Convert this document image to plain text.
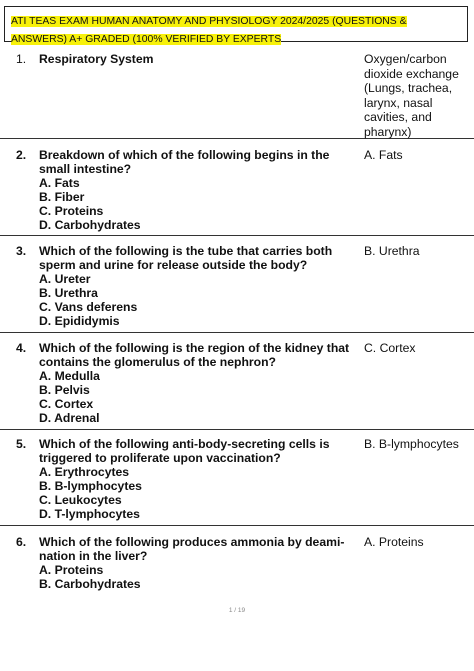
ATI TEAS EXAM HUMAN ANATOMY AND PHYSIOLOGY 2024/2025 (QUESTIONS & ANSWERS) A+ GRADED (100% VERIFIED BY EXPERTS
1. Respiratory System	Oxygen/carbon dioxide exchange (Lungs, trachea, larynx, nasal cavities, and pharynx)
2. Breakdown of which of the following begins in the small intestine?
A. Fats
B. Fiber
C. Proteins
D. Carbohydrates
A. Fats
3. Which of the following is the tube that carries both sperm and urine for release outside the body?
A. Ureter
B. Urethra
C. Vans deferens
D. Epididymis
B. Urethra
4. Which of the following is the region of the kidney that contains the glomerulus of the nephron?
A. Medulla
B. Pelvis
C. Cortex
D. Adrenal
C. Cortex
5. Which of the following anti-body-secreting cells is triggered to proliferate upon vaccination?
A. Erythrocytes
B. B-lymphocytes
C. Leukocytes
D. T-lymphocytes
B. B-lymphocytes
6. Which of the following produces ammonia by deami-nation in the liver?
A. Proteins
B. Carbohydrates
A. Proteins
1 / 19
